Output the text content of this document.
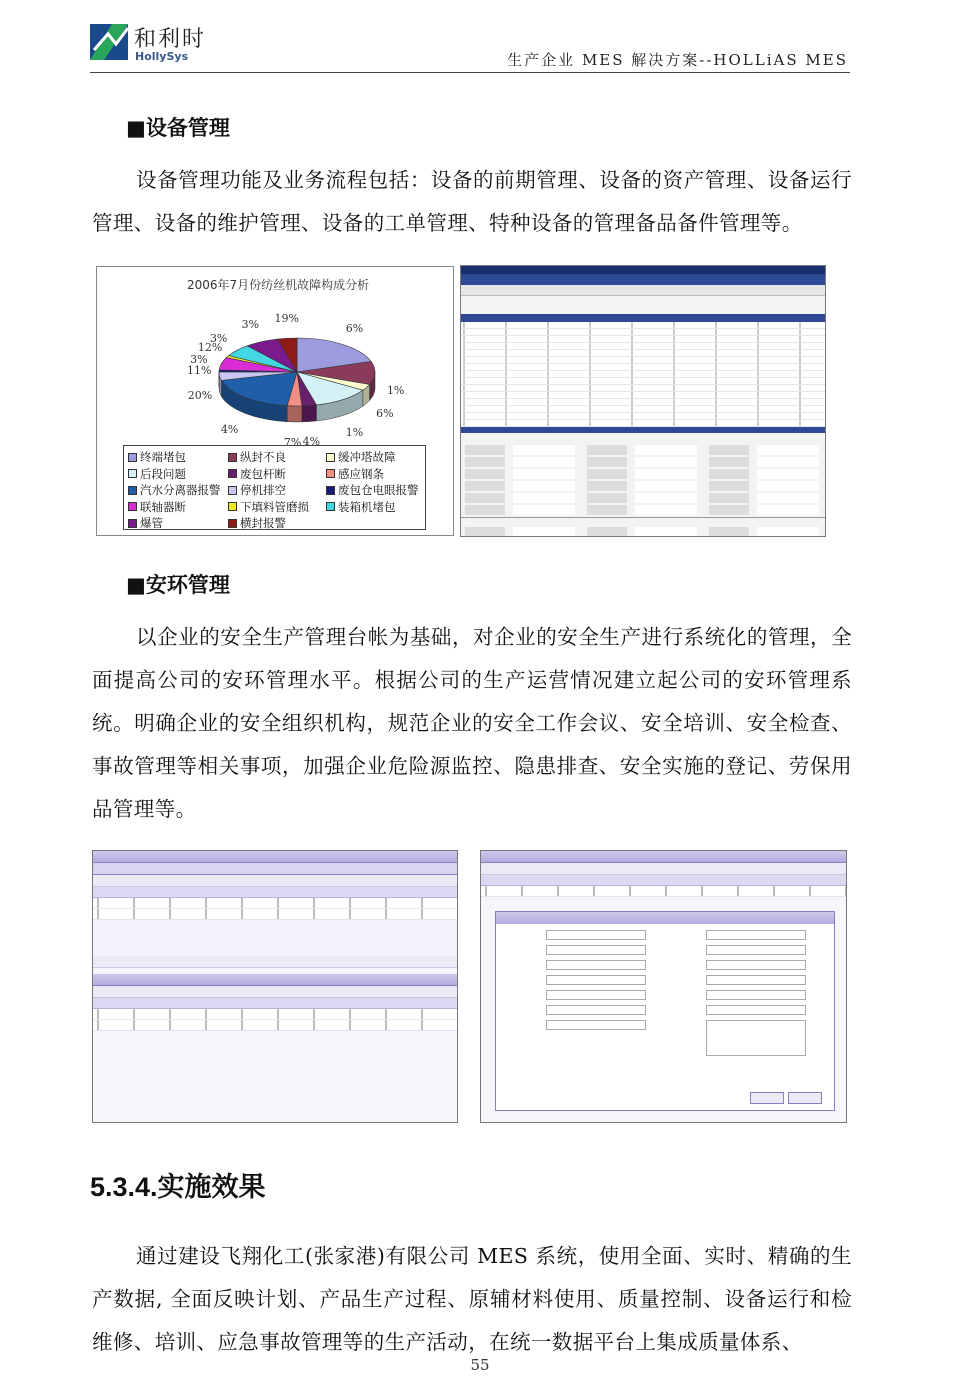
和利时
HollySys	生产企业 MES 解决方案--HOLLiAS MES
■设备管理
设备管理功能及业务流程包括：设备的前期管理、设备的资产管理、设备运行管理、设备的维护管理、设备的工单管理、特种设备的管理备品备件管理等。
2006年7月份纺丝机故障构成分析
6%
1%
6%
1%
4%
7%
4%
20%
11%
3%
12%
3%
3% 19%
终端堵包	纵封不良	缓冲塔故障
后段问题	废包杆断	感应钢条
汽水分离器报警 停机排空	废包仓电眼报警
联轴器断	下填料管磨损	装箱机堵包
爆管	横封报警
■安环管理
以企业的安全生产管理台帐为基础，对企业的安全生产进行系统化的管理，全面提高公司的安环管理水平。根据公司的生产运营情况建立起公司的安环管理系统。明确企业的安全组织机构，规范企业的安全工作会议、安全培训、安全检查、事故管理等相关事项，加强企业危险源监控、隐患排查、安全实施的登记、劳保用品管理等。
5.3.4.实施效果
通过建设飞翔化工(张家港)有限公司 MES 系统，使用全面、实时、精确的生产数据, 全面反映计划、产品生产过程、原辅材料使用、质量控制、设备运行和检维修、培训、应急事故管理等的生产活动，在统一数据平台上集成质量体系、
55
